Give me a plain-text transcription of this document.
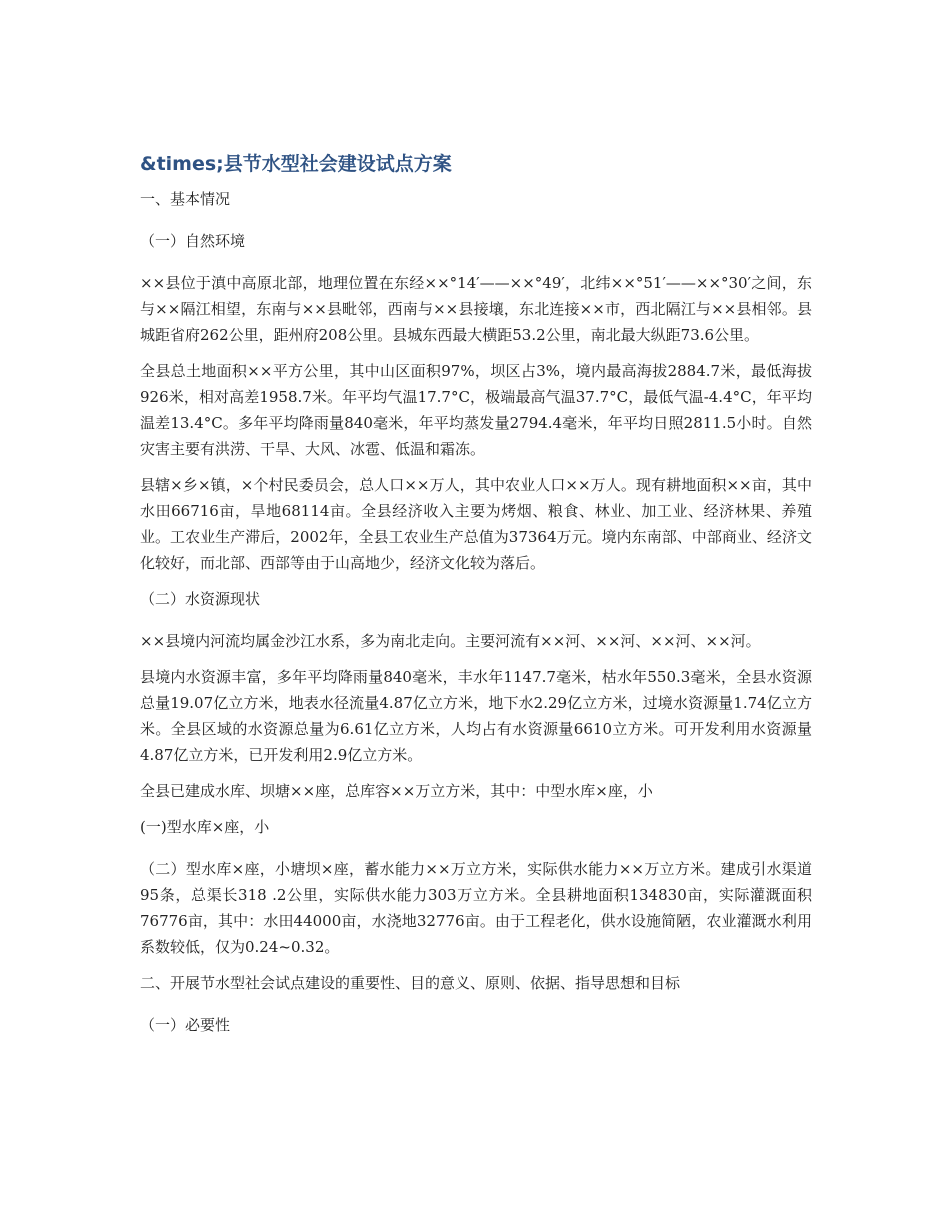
&times;县节水型社会建设试点方案
一、基本情况
（一）自然环境

××县位于滇中高原北部，地理位置在东经××°14′——××°49′，北纬××°51′——××°30′之间，东与××隔江相望，东南与××县毗邻，西南与××县接壤，东北连接××市，西北隔江与××县相邻。县城距省府262公里，距州府208公里。县城东西最大横距53.2公里，南北最大纵距73.6公里。

全县总土地面积××平方公里，其中山区面积97%，坝区占3%，境内最高海拔2884.7米，最低海拔926米，相对高差1958.7米。年平均气温17.7°C，极端最高气温37.7°C，最低气温-4.4°C，年平均温差13.4°C。多年平均降雨量840毫米，年平均蒸发量2794.4毫米，年平均日照2811.5小时。自然灾害主要有洪涝、干旱、大风、冰雹、低温和霜冻。

县辖×乡×镇，×个村民委员会，总人口××万人，其中农业人口××万人。现有耕地面积××亩，其中水田66716亩，旱地68114亩。全县经济收入主要为烤烟、粮食、林业、加工业、经济林果、养殖业。工农业生产滞后，2002年，全县工农业生产总值为37364万元。境内东南部、中部商业、经济文化较好，而北部、西部等由于山高地少，经济文化较为落后。

（二）水资源现状

××县境内河流均属金沙江水系，多为南北走向。主要河流有××河、××河、××河、××河。

县境内水资源丰富，多年平均降雨量840毫米，丰水年1147.7毫米，枯水年550.3毫米，全县水资源总量19.07亿立方米，地表水径流量4.87亿立方米，地下水2.29亿立方米，过境水资源量1.74亿立方米。全县区域的水资源总量为6.61亿立方米，人均占有水资源量6610立方米。可开发利用水资源量4.87亿立方米，已开发利用2.9亿立方米。

全县已建成水库、坝塘××座，总库容××万立方米，其中：中型水库×座，小

(一)型水库×座，小

（二）型水库×座，小塘坝×座，蓄水能力××万立方米，实际供水能力××万立方米。建成引水渠道95条，总渠长318 .2公里，实际供水能力303万立方米。全县耕地面积134830亩，实际灌溉面积76776亩，其中：水田44000亩，水浇地32776亩。由于工程老化，供水设施简陋，农业灌溉水利用系数较低，仅为0.24~0.32。

二、开展节水型社会试点建设的重要性、目的意义、原则、依据、指导思想和目标
（一）必要性
